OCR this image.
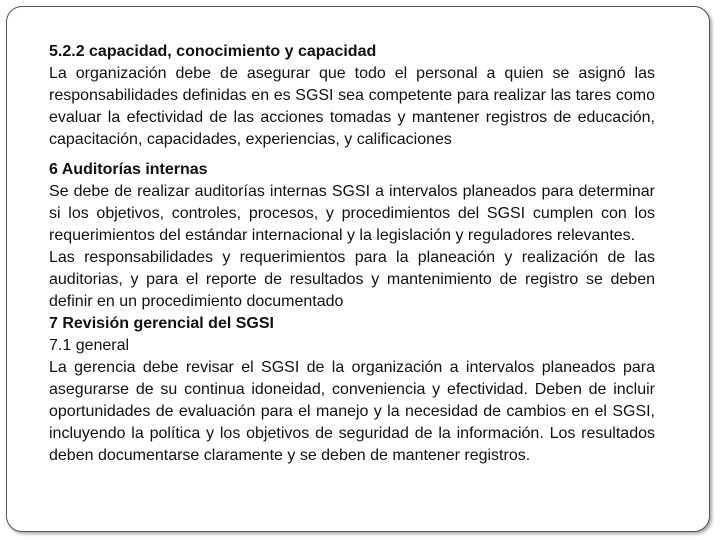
5.2.2 capacidad, conocimiento y capacidad

La organización debe de asegurar que todo el personal a quien se asignó las responsabilidades definidas en es SGSI sea competente para realizar las tares como evaluar la efectividad de las acciones tomadas y mantener registros de educación, capacitación, capacidades, experiencias, y calificaciones

6 Auditorías internas

Se debe de realizar auditorías internas SGSI a intervalos planeados para determinar si los objetivos, controles, procesos, y procedimientos del SGSI cumplen con los requerimientos del estándar internacional y la legislación y reguladores relevantes.

Las responsabilidades y requerimientos para la planeación y realización de las auditorias, y para el reporte de resultados y mantenimiento de registro se deben definir en un procedimiento documentado

7 Revisión gerencial del SGSI

7.1 general

La gerencia debe revisar el SGSI de la organización a intervalos planeados para asegurarse de su continua idoneidad, conveniencia y efectividad. Deben de incluir oportunidades de evaluación para el manejo y la necesidad de cambios en el SGSI, incluyendo la política y los objetivos de seguridad de la información. Los resultados deben documentarse claramente y se deben de mantener registros.
